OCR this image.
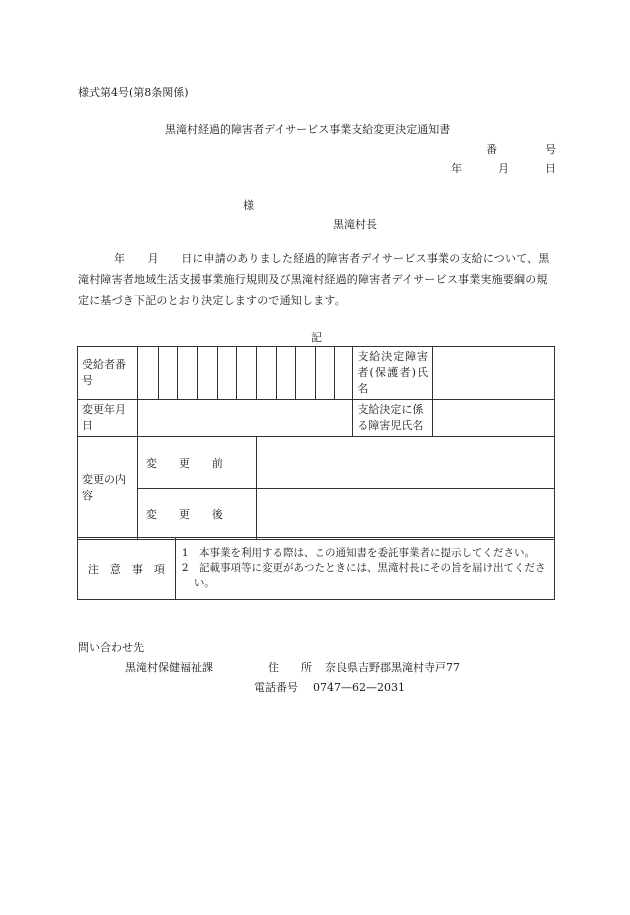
様式第4号(第8条関係)
黒滝村経過的障害者デイサービス事業支給変更決定通知書
番	号
年	月	日
様
黒滝村長
年　　月　　日に申請のありました経過的障害者デイサービス事業の支給について、黒滝村障害者地域生活支援事業施行規則及び黒滝村経過的障害者デイサービス事業実施要綱の規定に基づき下記のとおり決定しますので通知します。
記
受給者番号												支給決定障害者(保護者)氏名	
変更年月日												支給決定に係る障害児氏名	
変更の内容	変　　更　　前												
	変　　更　　後												
注　意　事　項	
1　本事業を利用する際は、この通知書を委託事業者に提示してください。
2　記載事項等に変更があつたときには、黒滝村長にその旨を届け出てください。
問い合わせ先
黒滝村保健福祉課	住　　所 奈良県吉野郡黒滝村寺戸77
電話番号 0747—62—2031
